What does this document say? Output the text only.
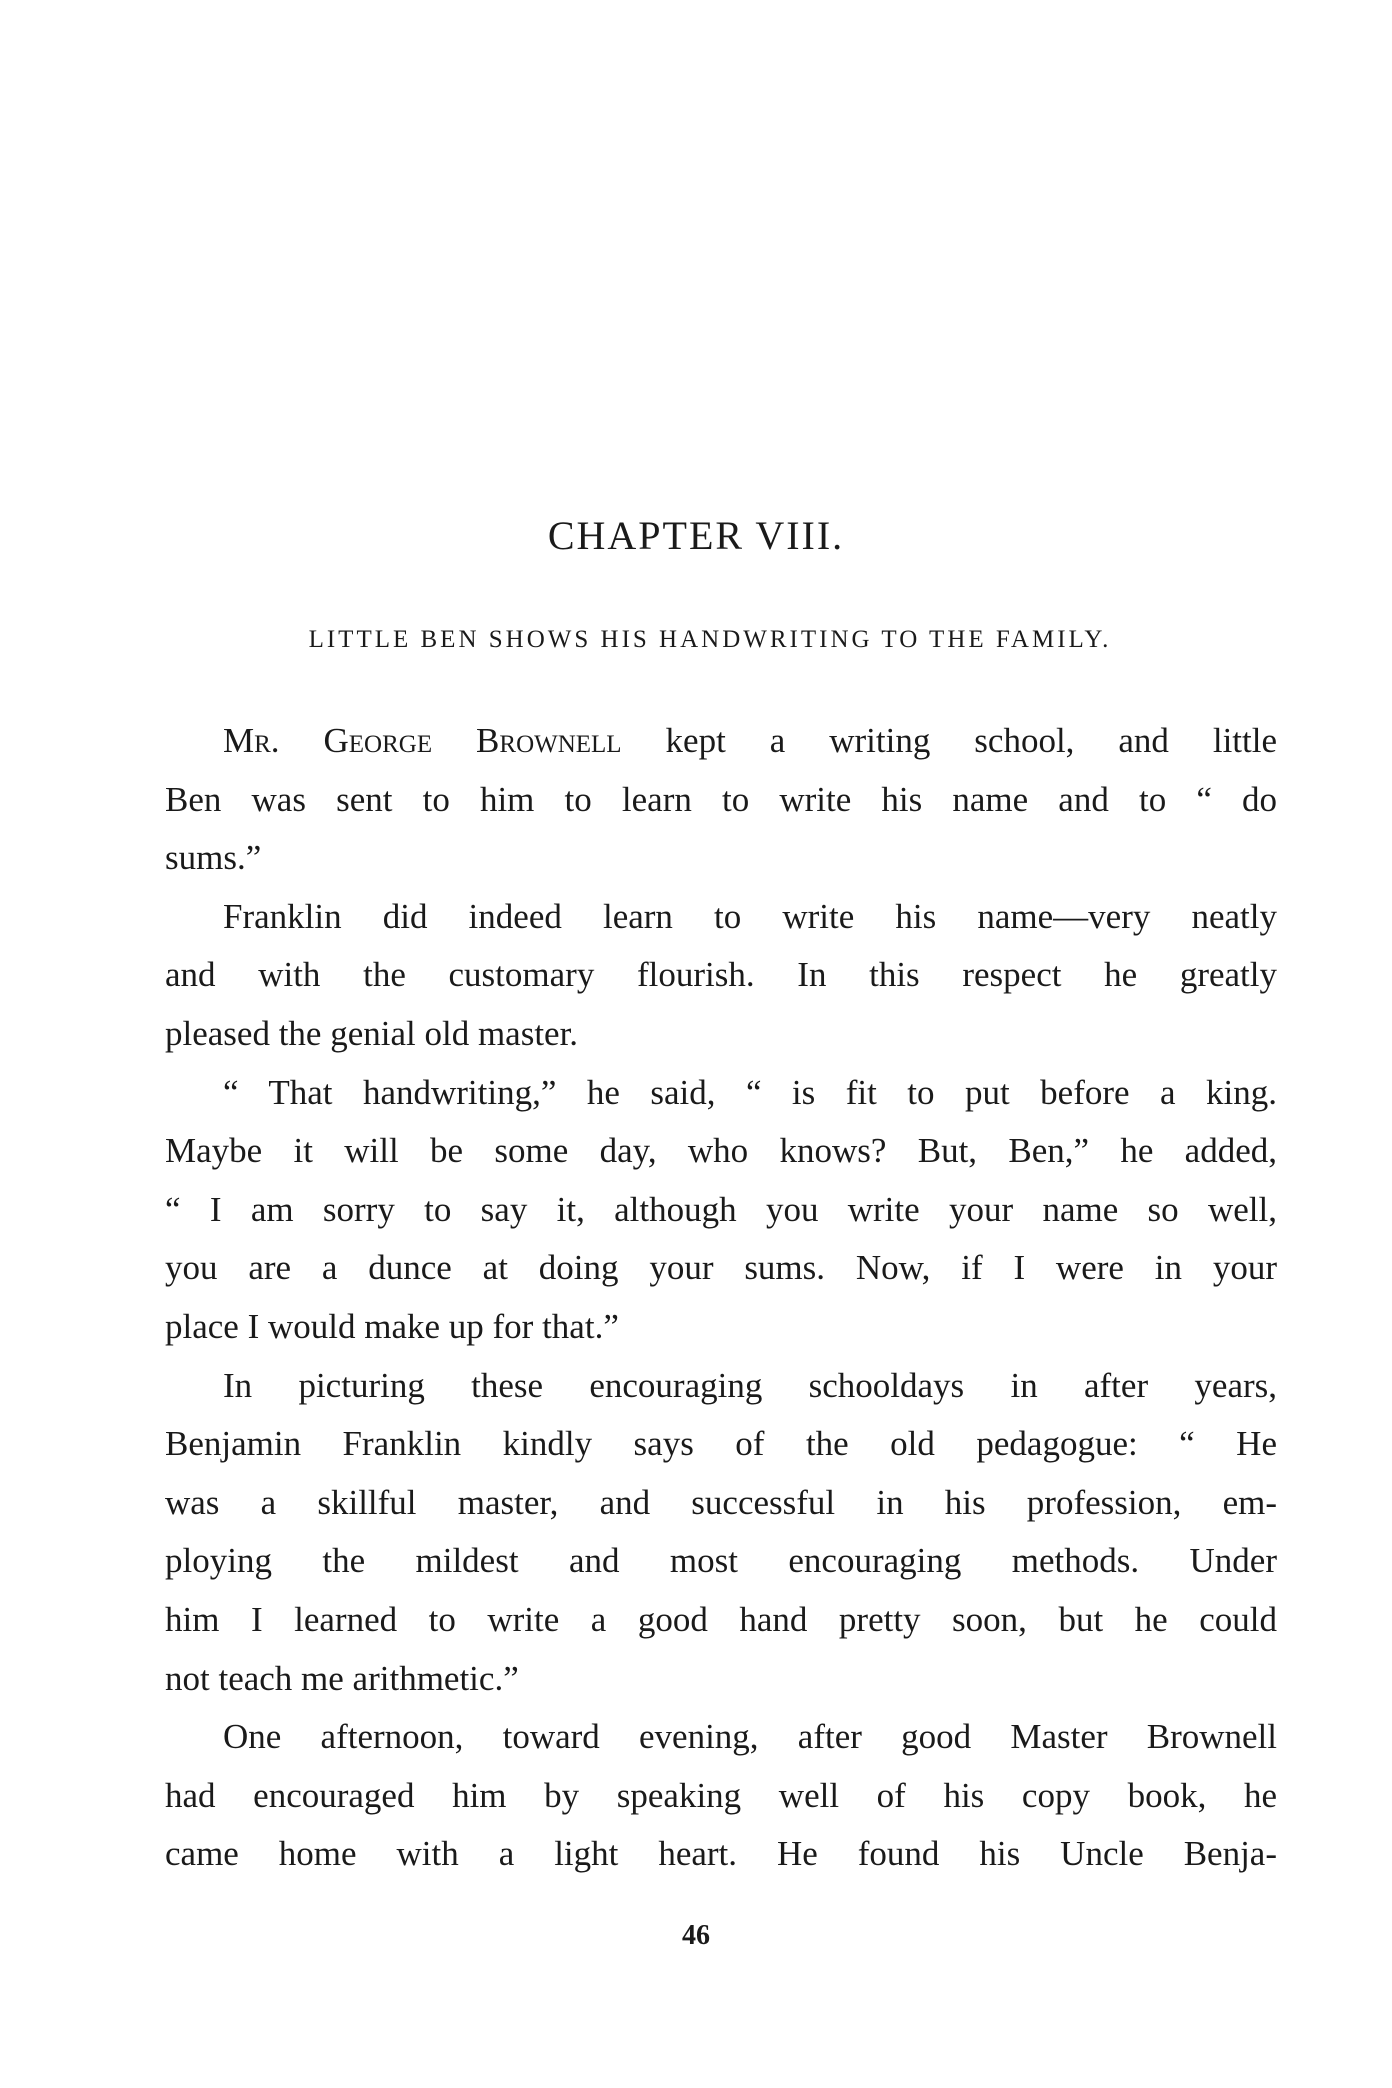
CHAPTER VIII.
LITTLE BEN SHOWS HIS HANDWRITING TO THE FAMILY.
Mr. George Brownell kept a writing school, and little
Ben was sent to him to learn to write his name and to “ do
sums.”
Franklin did indeed learn to write his name—very neatly
and with the customary flourish. In this respect he greatly
pleased the genial old master.
“ That handwriting,” he said, “ is fit to put before a king.
Maybe it will be some day, who knows? But, Ben,” he added,
“ I am sorry to say it, although you write your name so well,
you are a dunce at doing your sums. Now, if I were in your
place I would make up for that.”
In picturing these encouraging schooldays in after years,
Benjamin Franklin kindly says of the old pedagogue: “ He
was a skillful master, and successful in his profession, em-
ploying the mildest and most encouraging methods. Under
him I learned to write a good hand pretty soon, but he could
not teach me arithmetic.”
One afternoon, toward evening, after good Master Brownell
had encouraged him by speaking well of his copy book, he
came home with a light heart. He found his Uncle Benja-
46
